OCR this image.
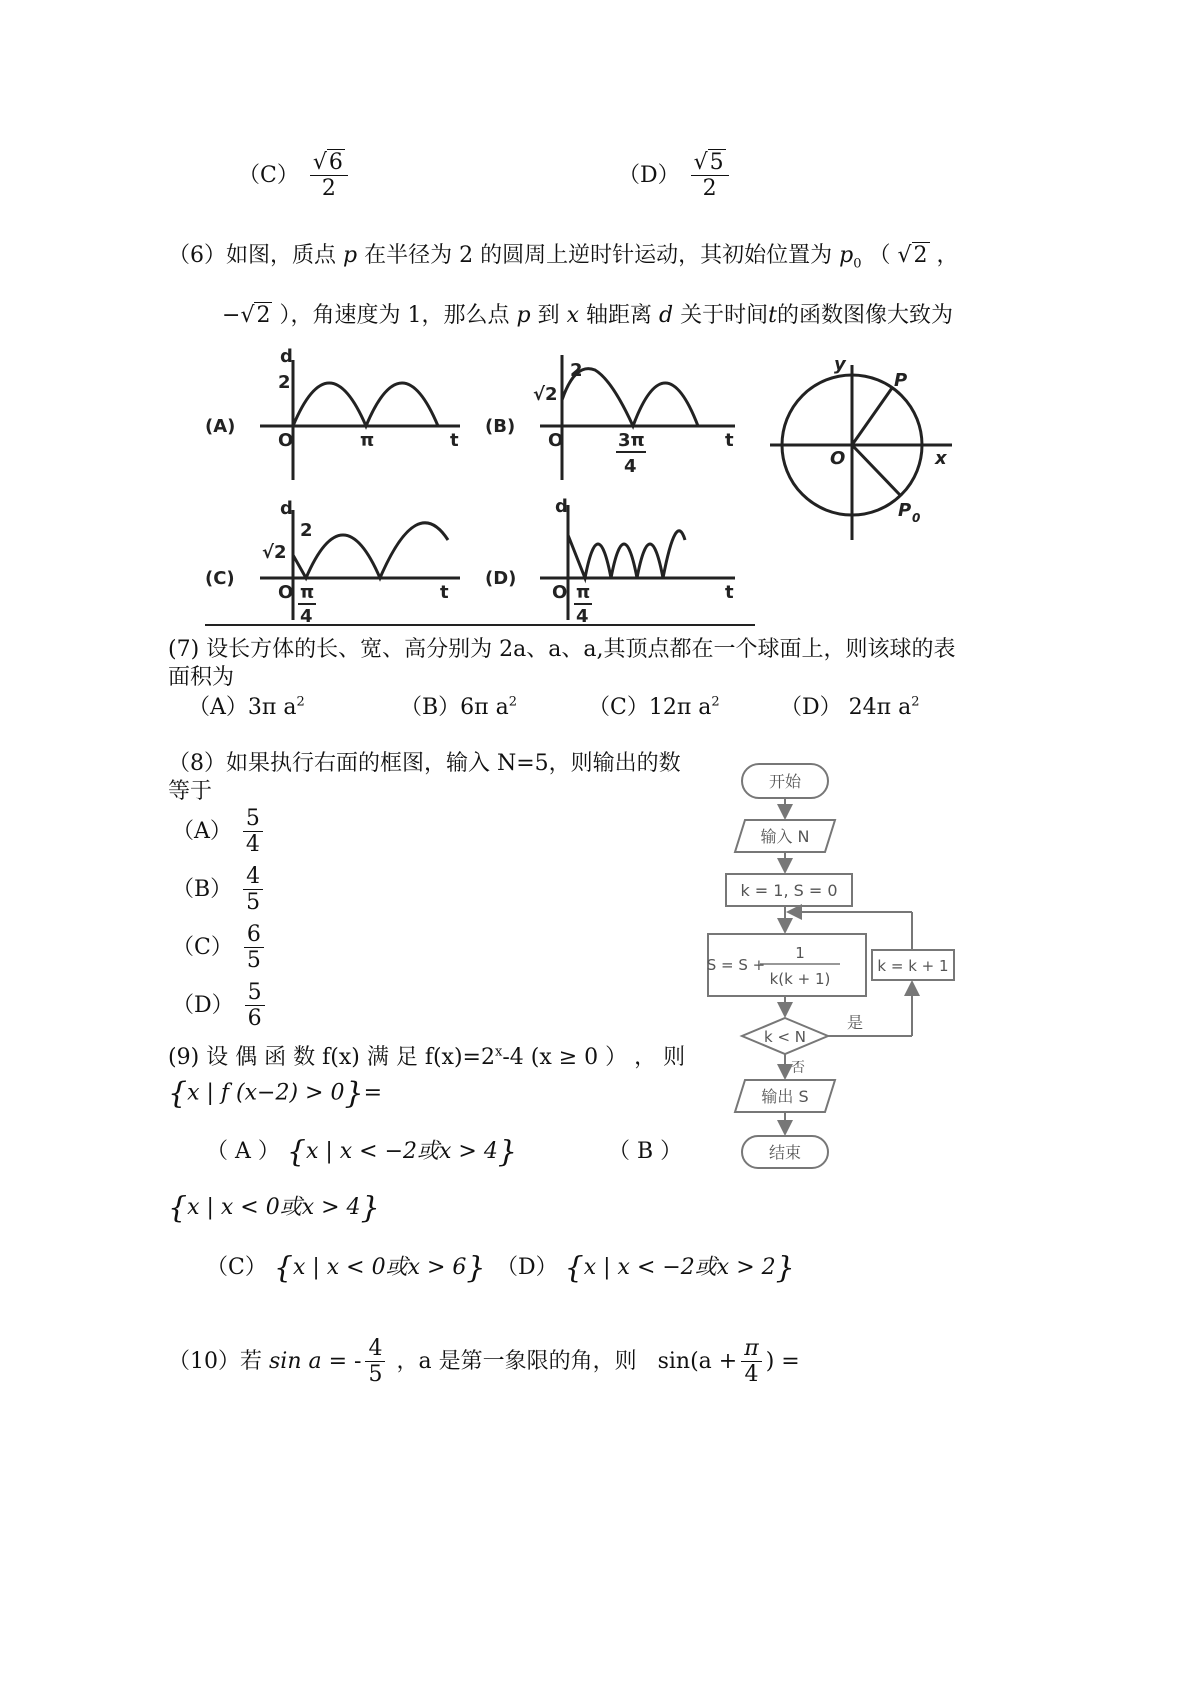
$(C) \frac{√6}{2}$	$(D) \frac{√5}{2}$
（6）如图，质点 p 在半径为 2 的圆周上逆时针运动，其初始位置为 $p_0$ （ √2 ，
−√2 ），角速度为 1，那么点 p 到 x 轴距离 d 关于时间t的函数图像大致为
(A)
d
2
O	π	t
(B)
2
√2
O	3π
4
t
(C)
d
2
√2
O π
4
t
(D)
d
O π
4
t
y
P
O	x
P 0
(7) 设长方体的长、宽、高分别为 2a、a、a,其顶点都在一个球面上，则该球的表
面积为
（A）3π $a^2$	（B）6π $a^2$	（C）12π $a^2$	（D） 24π $a^2$
（8）如果执行右面的框图，输入 N=5，则输出的数
等于
$(A) \frac{5}{4}$
$(B) \frac{4}{5}$
$(C) \frac{6}{5}$
$(D) \frac{5}{6}$
开始
输入 N
k = 1, S = 0
S = S +
1
k(k + 1)
k = k + 1
k < N
是
否
输出 S
结束
(9) 设 偶 函 数 f(x) 满 足 $f(x)=2^x-4$ (x ≥ 0 ） ， 则
{x | f (x−2) > 0}=
（ A ） {x | x < −2或x > 4}	（ B ）
{x | x < 0或x > 4}
（C） {x | x < 0或x > 6} （D） {x | x < −2或x > 2}
（10）若 sin a = - $\frac{4}{5}$ ，a 是第一象限的角，则 $\sin(a + \frac{\pi}{4}$ ) =
